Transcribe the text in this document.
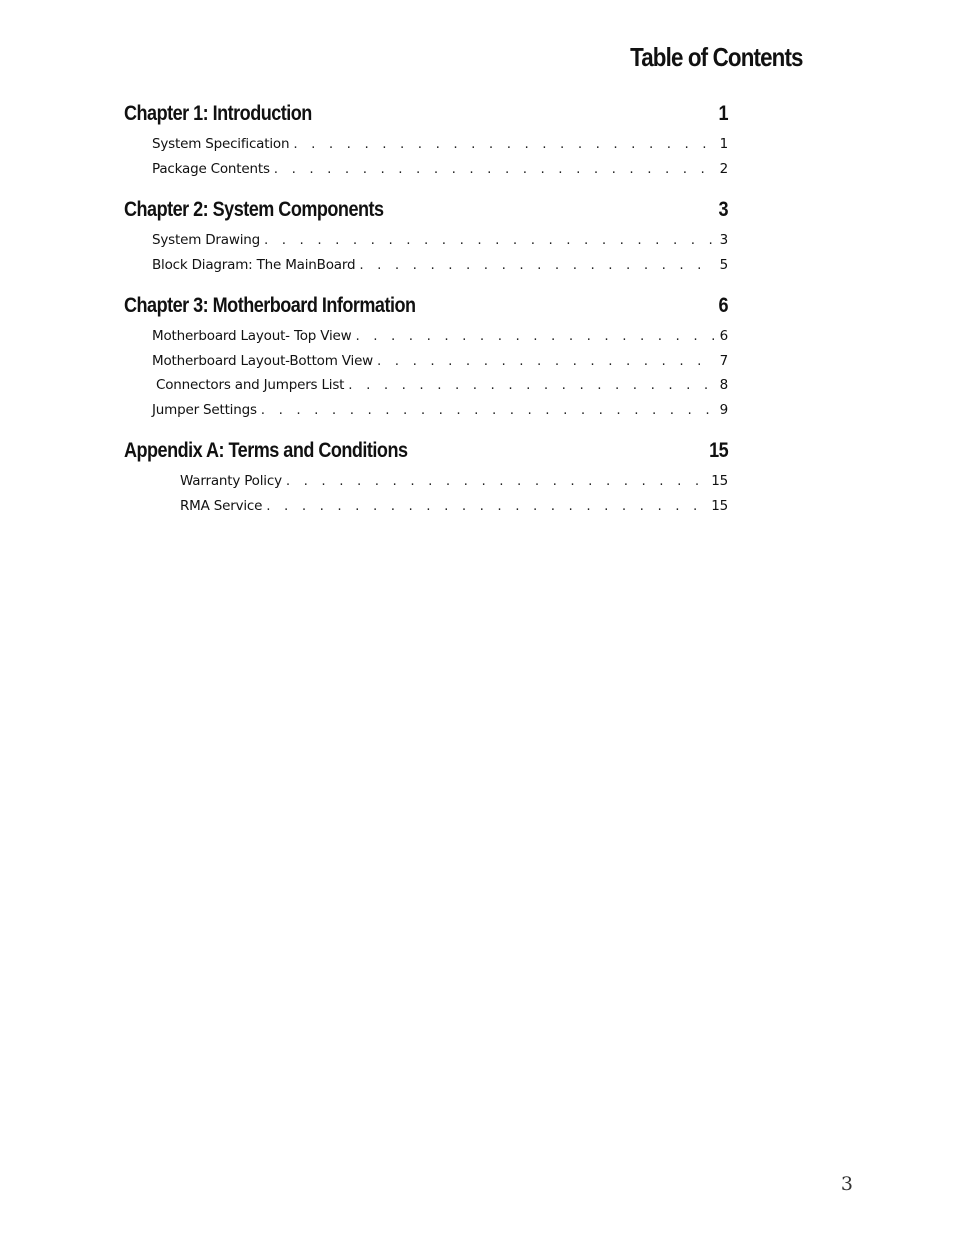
Table of Contents
Chapter 1: Introduction	1
System Specification . . .	1
Package Contents . . .	2
Chapter 2: System Components	3
System Drawing . . .	3
Block Diagram: The MainBoard . . .	5
Chapter 3: Motherboard Information	6
Motherboard Layout- Top View . . .	6
Motherboard Layout-Bottom View . . .	7
Connectors and Jumpers List . . .	8
Jumper Settings . . .	9
Appendix A: Terms and Conditions	15
Warranty Policy . . .	15
RMA Service . . .	15
3
